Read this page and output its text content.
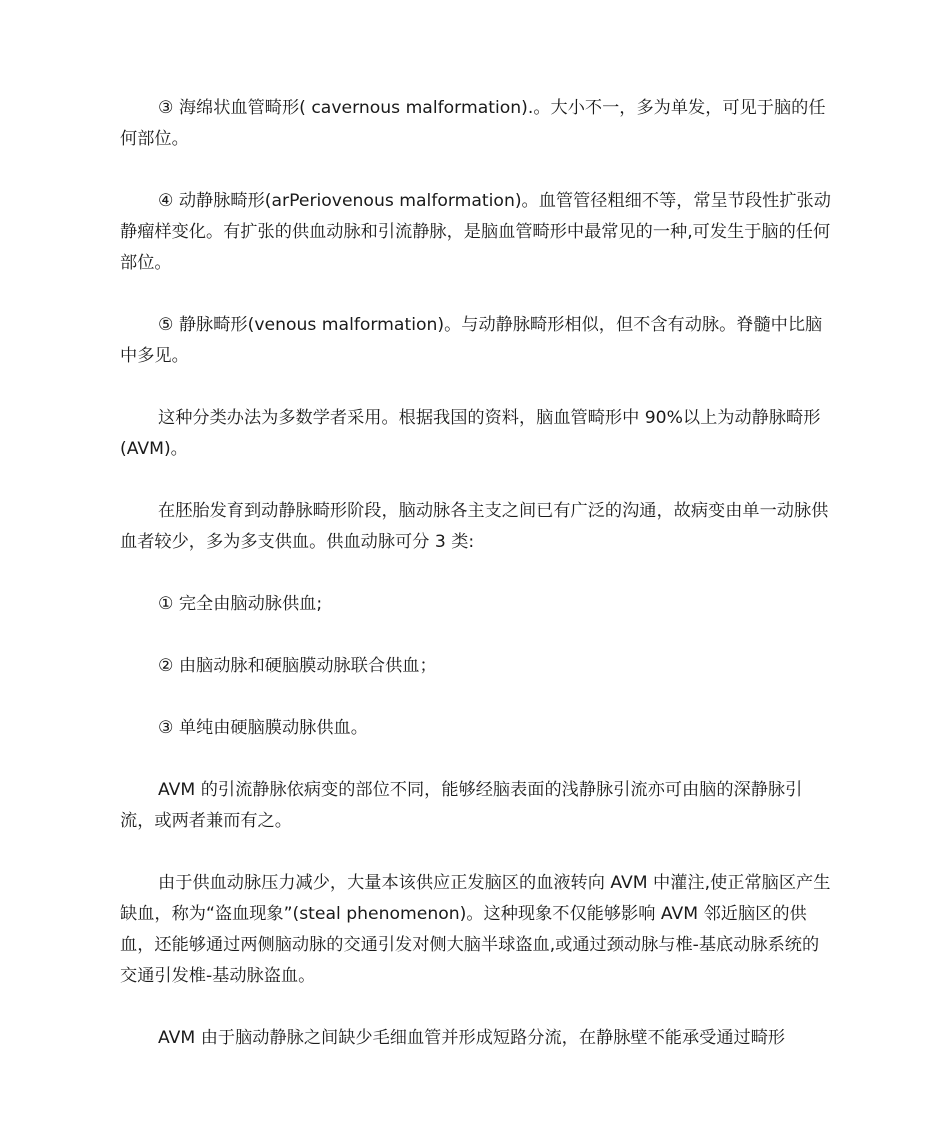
③ 海绵状血管畸形( cavernous malformation).。大小不一，多为单发，可见于脑的任何部位。

④ 动静脉畸形(arPeriovenous malformation)。血管管径粗细不等，常呈节段性扩张动静瘤样变化。有扩张的供血动脉和引流静脉，是脑血管畸形中最常见的一种,可发生于脑的任何部位。

⑤ 静脉畸形(venous malformation)。与动静脉畸形相似，但不含有动脉。脊髓中比脑中多见。

这种分类办法为多数学者采用。根据我国的资料，脑血管畸形中 90%以上为动静脉畸形(AVM)。

在胚胎发育到动静脉畸形阶段，脑动脉各主支之间已有广泛的沟通，故病变由单一动脉供血者较少，多为多支供血。供血动脉可分 3 类:

① 完全由脑动脉供血;

② 由脑动脉和硬脑膜动脉联合供血；

③ 单纯由硬脑膜动脉供血。

AVM 的引流静脉依病变的部位不同，能够经脑表面的浅静脉引流亦可由脑的深静脉引流，或两者兼而有之。

由于供血动脉压力减少，大量本该供应正发脑区的血液转向 AVM 中灌注,使正常脑区产生缺血，称为“盗血现象”(steal phenomenon)。这种现象不仅能够影响 AVM 邻近脑区的供血，还能够通过两侧脑动脉的交通引发对侧大脑半球盗血,或通过颈动脉与椎-基底动脉系统的交通引发椎-基动脉盗血。

AVM 由于脑动静脉之间缺少毛细血管并形成短路分流，在静脉壁不能承受通过畸形
